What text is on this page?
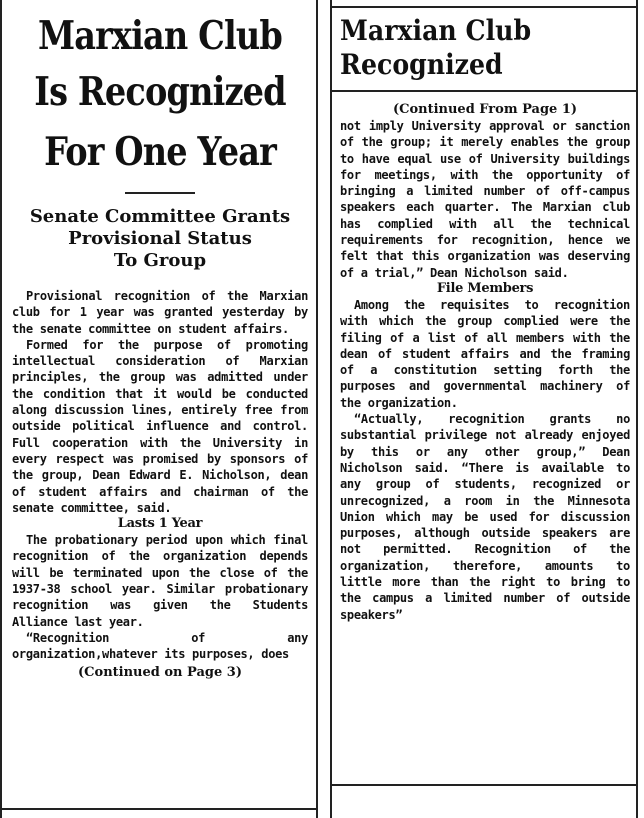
Marxian Club
Is Recognized
For One Year
Senate Committee Grants
Provisional Status
To Group

Provisional recognition of the Marxian club for 1 year was granted yesterday by the senate committee on student affairs.

Formed for the purpose of promoting intellectual consideration of Marxian principles, the group was admitted under the condition that it would be conducted along discussion lines, entirely free from outside political influence and control. Full cooperation with the University in every respect was promised by sponsors of the group, Dean Edward E. Nicholson, dean of student affairs and chairman of the senate committee, said.

Lasts 1 Year

The probationary period upon which final recognition of the organization depends will be terminated upon the close of the 1937-38 school year. Similar probationary recognition was given the Students Alliance last year.

“Recognition of any organization,whatever its purposes, does

(Continued on Page 3)
Marxian Club
Recognized
(Continued From Page 1)

not imply University approval or sanction of the group; it merely enables the group to have equal use of University buildings for meetings, with the opportunity of bringing a limited number of off-campus speakers each quarter. The Marxian club has complied with all the technical requirements for recognition, hence we felt that this organization was deserving of a trial,” Dean Nicholson said.

File Members

Among the requisites to recognition with which the group complied were the filing of a list of all members with the dean of student affairs and the framing of a constitution setting forth the purposes and governmental machinery of the organization.

“Actually, recognition grants no substantial privilege not already enjoyed by this or any other group,” Dean Nicholson said. “There is available to any group of students, recognized or unrecognized, a room in the Minnesota Union which may be used for discussion purposes, although outside speakers are not permitted. Recognition of the organization, therefore, amounts to little more than the right to bring to the campus a limited number of outside speakers”
